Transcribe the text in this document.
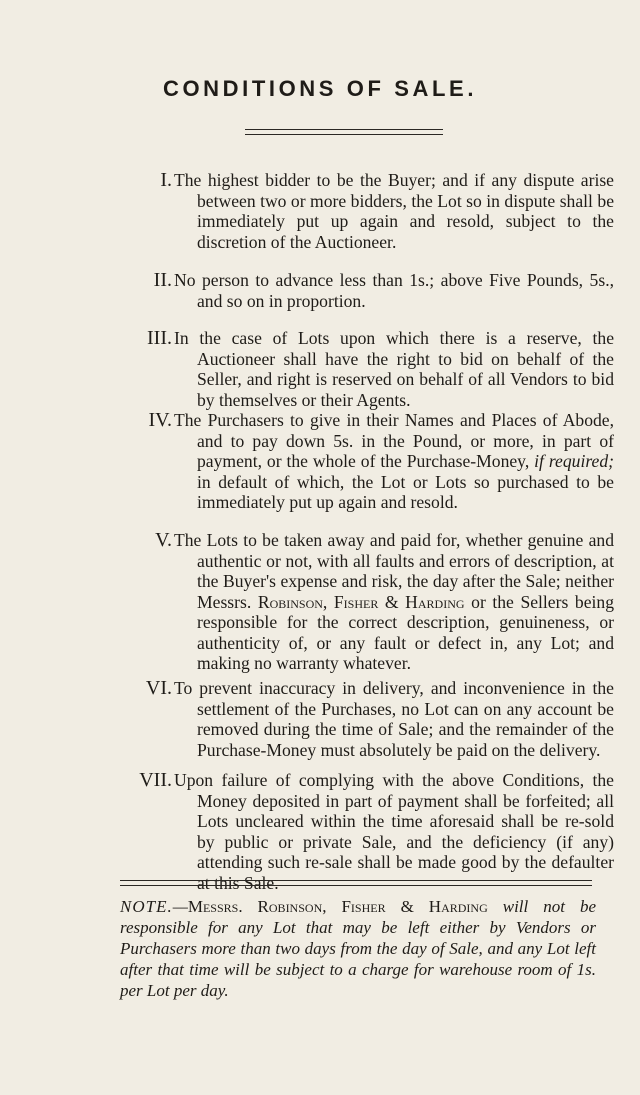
CONDITIONS OF SALE.
I. The highest bidder to be the Buyer; and if any dispute arise between two or more bidders, the Lot so in dispute shall be immediately put up again and resold, subject to the discretion of the Auctioneer.
II. No person to advance less than 1s.; above Five Pounds, 5s., and so on in proportion.
III. In the case of Lots upon which there is a reserve, the Auctioneer shall have the right to bid on behalf of the Seller, and right is reserved on behalf of all Vendors to bid by themselves or their Agents.
IV. The Purchasers to give in their Names and Places of Abode, and to pay down 5s. in the Pound, or more, in part of payment, or the whole of the Purchase-Money, if required; in default of which, the Lot or Lots so purchased to be immediately put up again and resold.
V. The Lots to be taken away and paid for, whether genuine and authentic or not, with all faults and errors of description, at the Buyer's expense and risk, the day after the Sale; neither Messrs. Robinson, Fisher & Harding or the Sellers being responsible for the correct description, genuineness, or authenticity of, or any fault or defect in, any Lot; and making no warranty whatever.
VI. To prevent inaccuracy in delivery, and inconvenience in the settlement of the Purchases, no Lot can on any account be removed during the time of Sale; and the remainder of the Purchase-Money must absolutely be paid on the delivery.
VII. Upon failure of complying with the above Conditions, the Money deposited in part of payment shall be forfeited; all Lots uncleared within the time aforesaid shall be re-sold by public or private Sale, and the deficiency (if any) attending such re-sale shall be made good by the defaulter at this Sale.
NOTE.—Messrs. Robinson, Fisher & Harding will not be responsible for any Lot that may be left either by Vendors or Purchasers more than two days from the day of Sale, and any Lot left after that time will be subject to a charge for warehouse room of 1s. per Lot per day.
